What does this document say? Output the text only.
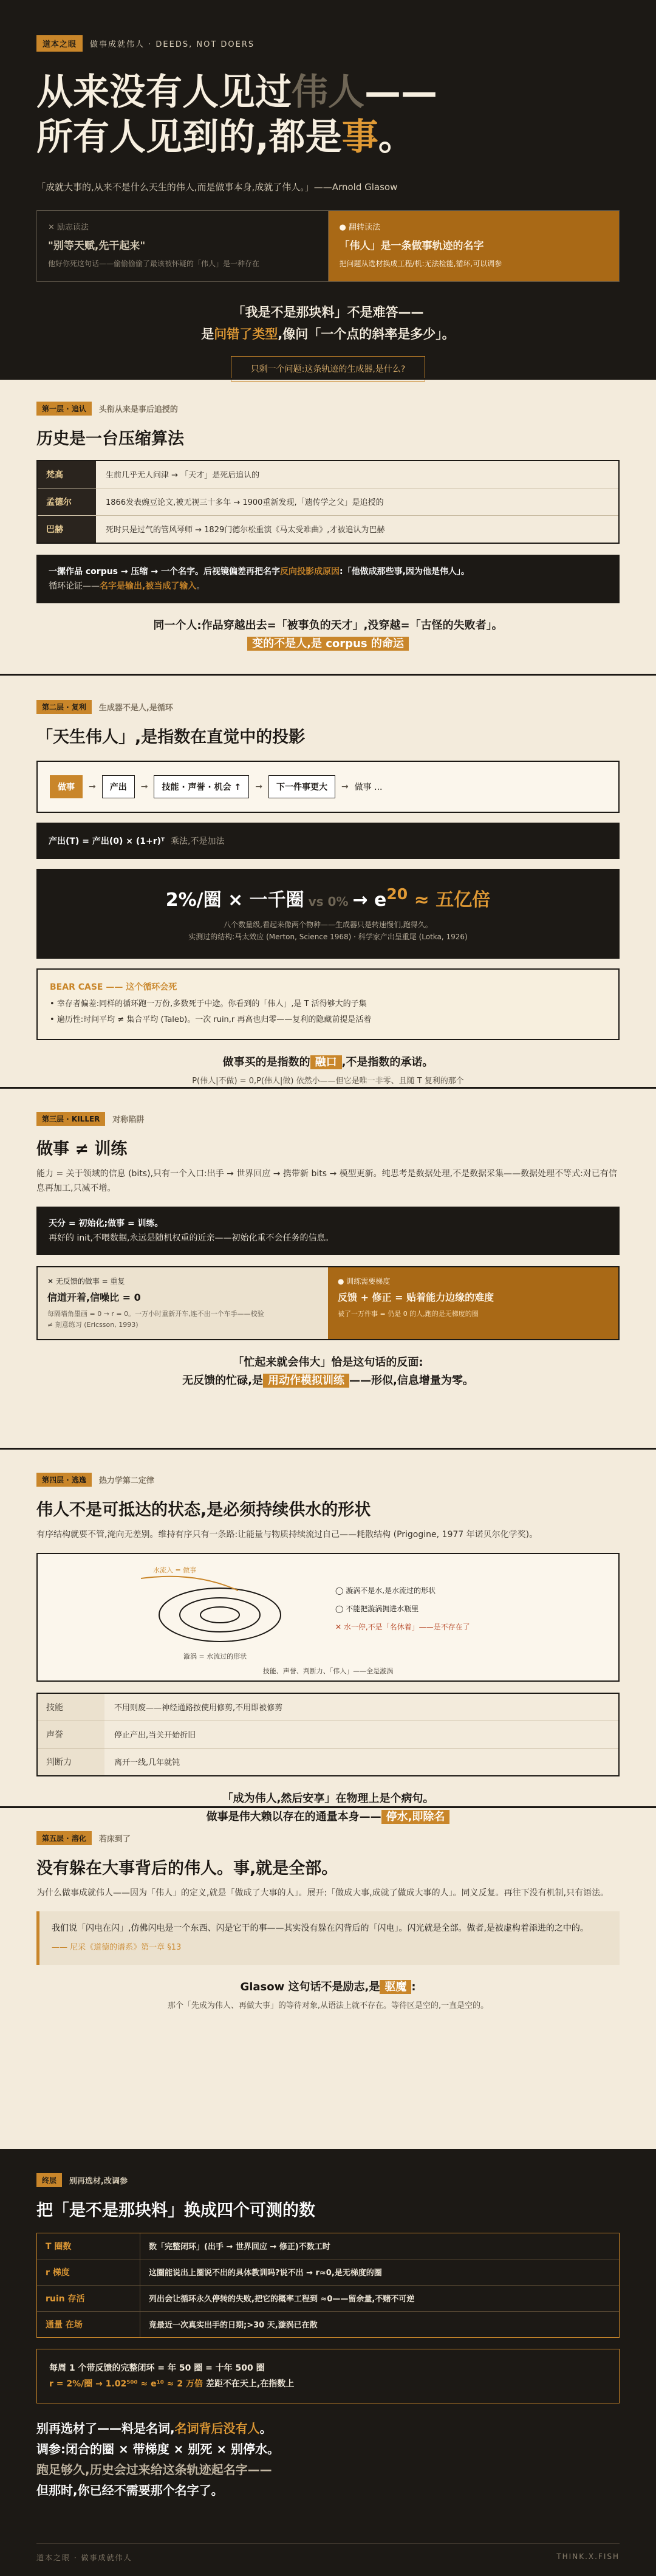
道本之眼	做事成就伟人 · DEEDS, NOT DOERS
从来没有人见过伟人——
所有人见到的,都是事。
「成就大事的,从来不是什么天生的伟人,而是做事本身,成就了伟人。」——Arnold Glasow
✕ 励志读法
"别等天赋,先干起来"
他好你死这句话——偷偷偷偷了最该被怀疑的「伟人」是一种存在
● 翻转读法
「伟人」是一条做事轨迹的名字
把问题从选材换成工程/机:无法检能,循环,可以调参
「我是不是那块料」不是难答——
是问错了类型,像问「一个点的斜率是多少」。
只剩一个问题:这条轨迹的生成器,是什么?
第一层 · 追认	头衔从来是事后追授的
历史是一台压缩算法
梵高	生前几乎无人问津 → 「天才」是死后追认的
孟德尔	1866发表豌豆论文,被无视三十多年 → 1900重新发现,「遗传学之父」是追授的
巴赫	死时只是过气的管风琴师 → 1829门德尔松重演《马太受难曲》,才被追认为巴赫
一摞作品 corpus → 压缩 → 一个名字。后视镜偏差再把名字反向投影成原因:「他做成那些事,因为他是伟人」。
循环论证——名字是输出,被当成了输入。
同一个人:作品穿越出去=「被事负的天才」,没穿越=「古怪的失败者」。
变的不是人,是 corpus 的命运
第二层 · 复利	生成器不是人,是循环
「天生伟人」,是指数在直觉中的投影
做事	→	产出	→	技能 · 声誉 · 机会 ↑	→	下一件事更大	→ 做事 ...
产出(T) = 产出(0) × (1+r)ᵀ 乘法,不是加法
2%/圈 × 一千圈 vs $0\% \to e^{20}$ ≈ 五亿倍
八个数量级,看起来像两个物种——生成器只是转速慢们,跑得久。
实测过的结构:马太效应 (Merton, Science 1968) · 科学家产出呈重尾 (Lotka, 1926)
BEAR CASE —— 这个循环会死
• 幸存者偏差:同样的循环跑一万份,多数死于中途。你看到的「伟人」,是 T 活得够大的子集
• 遍历性:时间平均 ≠ 集合平均 (Taleb)。一次 ruin,r 再高也归零——复利的隐藏前提是活着
做事买的是指数的 融口 ,不是指数的承诺。
P(伟人|不做) = 0,P(伟人|做) 依然小——但它是唯一非零、且随 T 复利的那个
第三层 · KILLER	对称陷阱
做事 ≠ 训练
能力 = 关于领域的信息 (bits),只有一个入口:出手 → 世界回应 → 携带新 bits → 模型更新。纯思考是数据处理,不是数据采集——数据处理不等式:对已有信息再加工,只减不增。
天分 = 初始化;做事 = 训练。
再好的 init,不喂数据,永远是随机权重的近亲——初始化重不会任务的信息。
✕ 无反馈的做事 = 重复
信道开着,信噪比 = 0
每隔墙角墨画 = 0 → r = 0。一万小时重新开车,连不出一个车手——校验
≠ 刻意练习 (Ericsson, 1993)
● 训练需要梯度
反馈 + 修正 = 贴着能力边缘的难度
被了一万件事 = 仍是 0 的人,跑的是无梯度的圈
「忙起来就会伟大」恰是这句话的反面:
无反馈的忙碌,是 用动作模拟训练 ——形似,信息增量为零。
第四层 · 逃逸	热力学第二定律
伟人不是可抵达的状态,是必须持续供水的形状
有序结构就要不管,淹向无差别。维持有序只有一条路:让能量与物质持续流过自己——耗散结构 (Prigogine, 1977 年诺贝尔化学奖)。
水流入 = 做事
漩涡 = 水流过的形状
◯ 漩涡不是水,是水流过的形状
◯ 不能把漩涡拥进水瓶里
✕ 水一停,不是「名休着」——是不存在了
技能、声誉、判断力、「伟人」——全是漩涡
技能	不用则废——神经通路按使用修剪,不用即被修剪
声誉	停止产出,当关开始折旧
判断力	离开一线,几年就钝
「成为伟人,然后安享」在物理上是个病句。
做事是伟大赖以存在的通量本身—— 停水,即除名
第五层 · 溶化	若床到了
没有躲在大事背后的伟人。事,就是全部。
为什么做事成就伟人——因为「伟人」的定义,就是「做成了大事的人」。展开:「做成大事,成就了做成大事的人」。同义反复。再往下没有机制,只有语法。
我们说「闪电在闪」,仿佛闪电是一个东西、闪是它干的事——其实没有躲在闪背后的「闪电」。闪光就是全部。做者,是被虚构着添进的之中的。
—— 尼采《道德的谱系》第一章 §13
Glasow 这句话不是励志,是 驱魔 :
那个「先成为伟人、再做大事」的等待对象,从语法上就不存在。等待区是空的,一直是空的。
终层	别再选材,改调参
把「是不是那块料」换成四个可测的数
T 圈数	数「完整闭环」(出手 → 世界回应 → 修正)不数工时
r 梯度	这圈能说出上圈说不出的具体教训吗?说不出 → r≈0,是无梯度的圈
ruin 存活	列出会让循环永久停转的失败,把它的概率工程到 ≈0——留余量,不赌不可逆
通量 在场	竟最近一次真实出手的日期;>30 天,漩涡已在散
每周 1 个带反馈的完整闭环 = 年 50 圈 = 十年 500 圈
r = 2%/圈 → 1.02⁵⁰⁰ ≈ e¹⁰ ≈ 2 万倍 差距不在天上,在指数上
别再选材了——料是名词,名词背后没有人。
调参:闭合的圈 × 带梯度 × 别死 × 别停水。
跑足够久,历史会过来给这条轨迹起名字——
但那时,你已经不需要那个名字了。
道本之眼 · 做事成就伟人	THINK.X.FISH
